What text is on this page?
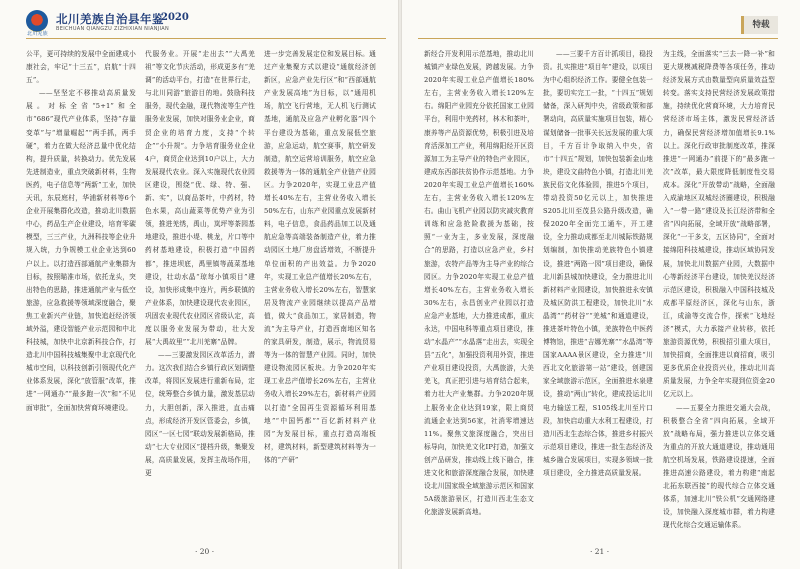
北川羌族
北川羌族自治县年鉴
2020
BEICHUAN QIANGZU ZIZHIXIAN NIANJIAN	特载

公平，更可持续的发展中全面建成小康社会，牢记“十三五”，启航“十四五”。

——坚坚定不移推动高质量发展。对标全省“5+1”和全市“686”现代产业体系，坚持“存量变革”与“增量崛起”“两手抓，两手硬”，着力在做大经济总量中优化结构，提升质量，转换动力。优先发展先进制造业，重点突破新材料，生物医药，电子信息等“两新”工业，加快天讯，东辰庭村，华浦新材料等6个企业开展集群化改造，推动北川数据中心，药品生产企业建设，培育零碳模型，三三产业，九洲科技等企业升规入统，力争规模工业企业达到60户以上。以打造西部通航产业集群为目标，按照瞄准市场，依托龙头，突出特色的思路，推进通航产业与低空旅游，应急救援等领域深度融合，聚焦工业新兴产业链，加快追赶经济领域外溢，建设智能产业示范园和中北科技城，加快中北京新科技合作，打造北川中国科技城集聚中北京现代化城市空间，以科技创新引领现代化产业体系发展，深化“放管服”改革，推进“一网通办”“最多跑一次”和“不见面审批”，全面加快营商环境建设。

代服务业。开展“走出去”“大禹羌祖”等文化节庆活动，形成更多有“羌调”的活动平台，打造“在世界行走，与北川同游”旅游目的地。鼓励科技服务，现代金融，现代物流等生产性服务业发展，加快对服务业企业，商贸企业的培育力度，支持“个转企”“小升规”。力争培育服务业企业4户，商贸企业达到10户以上，大力发展现代农业。深入实施现代农业园区建设，围绕“优、绿、特、强、新、实”，以商品茶叶，中药材，特色水果，高山蔬菜等优势产业为引领，推进羌绣，禹山，岚坪等茶园基地建设，推进小堤、桃龙，片口等中药材基地建设，积极打造“中国药都”，推进坝底，禹里镇等蔬菜基地建设，壮动水晶“琼每小镇项目”建设，加快形成集中连片，两乡联镇的产业体系，加快建设现代农业园区，巩固农业现代农业园区省级认定，高度以服务业发展为带动，壮大发展“大禹故里”“北川羌寨”品牌。

——三要激发园区改革活力，潜力。这次我们结合乡镇行政区划调整改革，将园区发展进行重新布局，定位，统筹整合乡镇力量，激发基层动力，大胆创新，深入推进，直击痛点，形成经济开发区管委会，乡镇，园区“一区七园”联动发展新格局，推动“七大专业园区”提档升级，集聚发展，高质量发展，发挥主战场作用，更

进一步完善发展定位和发展目标。通过产业集聚方式以建设“通航经济创新区，应急产业先行区”和“西部通航产业发展高地”为目标，以“通用机场，航空飞行营地，无人机飞行测试基地，通航及应急产业孵化器”四个平台建设为基础，重点发展低空旅游，应急运动，航空赛事，航空研发制造，航空运营培训服务，航空应急救援等为一体的通航全产业链产业园区。力争2020年，实现工业总产值增长40%左右，主营业务收入增长50%左右，山东产业园重点发展新材料，电子信息，食品药品加工以及通航应急等高端装备制造产业，着力推动园区土地厂房盘活增效，不断提升单位面积的产出效益。力争2020年，实现工业总产值增长20%左右，主营业务收入增长20%左右，智慧家居及物流产业园继续以提高产品增值，做大“食品加工，家居制造，物流”为主导产业，打造西南地区知名的家具研发，制造，展示，物流贸易等为一体的智慧产业园。同时，加快建设物流园区板块。力争2020年实现工业总产值增长26%左右，主营业务收入增长29%左右，新材料产业园以打造“全国再生资源循环利用基地”“中国钙都”“百亿新材料产业园”为发展目标，重点打造高端板材，建筑材料，新型建筑材料等为一体的“产研”

新经合开发利用示范基地，推动北川城镇产业绿色发展，跨越发展。力争2020年实现工业总产值增长180%左右，主营业务收入增长120%左右。绵阳产业园充分依托国家工业园平台，利用中羌药材，林木和茶叶，康养等产品资源优势，积极引进及培育活深加工产业，利用绵阳经开区资源加工为主导产业的特色产业园区，建成东西部扶贫协作示范基地。力争2020年实现工业总产值增长160%左右，主营业务收入增长120%左右。曲山飞机产业园以防灾减灾教育训练和应急抢险救援为基础，按照“一业为主，多业发展，深度融合”的思路，打造以应急产业，乡村旅游，农特产品等为主导产业的综合园区。力争2020年实现工业总产值增长40%左右，主营业务收入增长30%左右，永昌创业产业园以打造应急产业基地，大力推进成都，重庆永达，中国电科等重点项目建设，推动“水晶产”“水晶落”走出去，实现全县“五化”，加强投资利用外资，推进产业项目建设投资，大禹旅游，大美羌飞，真正把引进与培育结合起来，着力壮大产业集群。力争2020年规上服务业企业达到19家，限上商贸流通企业达到56家，社消零增速达11%。聚焦文旅深度融合，突出目标导向，加快羌文化IP打造，加强文创产品研发，推动线上线下融合，推进文化和旅游深度融合发展，加快建设北川国家级全域旅游示范区和国家5A级旅游景区，打造川西北生态文化旅游发展新高地。

——三要千方百计抓项目，稳投资。扎实推进“项目年”建设，以项目为中心组织经济工作。要健全包装一批，要切实完工一批，“十四五”规划储备，深入研判中央，省级政策和部署动向，高质量实施项目包装，精心谋划储备一批事关长远发展的重大项目，千方百计争取纳入中央，省市“十四五”规划，加快包装新金山地块，建设文曲特色小镇，打造北川羌族民俗文化体验园，推进5个项目，带动投资50亿元以上，加快推进S205北川至茂县公路升级改造，确保2020年全面完工通车，开工建设，全力推动成都至北川城际铁路规划编制，加快推动羌族特色小镇建设，推进“两路一园”项目建设，确保北川新县城加快建设，全力推进北川新材料产业园建设，加快推进永安镇及城区防洪工程建设，加快北川“水晶湾”“药材谷”“羌城”和通道建设，推进茶叶特色小镇，羌族特色中医药博物馆，推进“吉娜羌寨”“水晶湾”等国家AAAA景区建设，全力推进“川西北文化旅游第一站”建设，创建国家全域旅游示范区，全面推进水泉建设，推动“两山”转化，建成投运北川电力输送工程，S105线北川至片口段，加快启动重大水利工程建设，打造川西北生态综合体，推进乡村振兴示范项目建设，推进一批生态经济及城乡融合发展项目，实现多领域一批项目建设，全力推进高质量发展。

为主线，全面落实“三去一降一补”和更大规模减税降费等各项任务，推动经济发展方式由数量型向质量效益型转变。落实支持民营经济发展政策措施，持续优化营商环境，大力培育民营经济市场主体，激发民营经济活力，确保民营经济增加值增长9.1%以上。深化行政审批制度改革，推深推进“一网通办”前提下的“最多跑一次”改革，最大限度降低制度性交易成本。深化“开放带动”战略，全面融入成渝地区双城经济圈建设，积极融入“一带一路”建设及长江经济带和全省“四向拓展，全域开放”战略部署，深化“一干多支，五区协同”，全面对接绵阳科技城建设，推动区域协同发展，加快北川数据产业园，大数据中心等新经济平台建设，加快羌汉经济示范区建设，积极融入中国科技城及成都平原经济区，深化与山东，浙江，成渝等交流合作，探索“飞地经济”模式，大力承接产业转移，依托旅游资源优势，积极招引重大项目，加快招商，全面推进以商招商，吸引更多优质企业投资兴业，推动北川高质量发展，力争全年实现到位资金20亿元以上。

——五要全力推进交通大会战，积极整合全省“四向拓展，全域开放”战略布局，强力推进以立体交通为重点的开放大通道建设，推动通用航空机场发展，铁路建设提速，全面推进高速公路建设，着力构建“南起北拓东联西接”的现代综合立体交通体系，加速北川“铁公机”交通网络建设，加快融入深度城市群，着力构建现代化综合交通运输体系。

· 20 ·	· 21 ·
